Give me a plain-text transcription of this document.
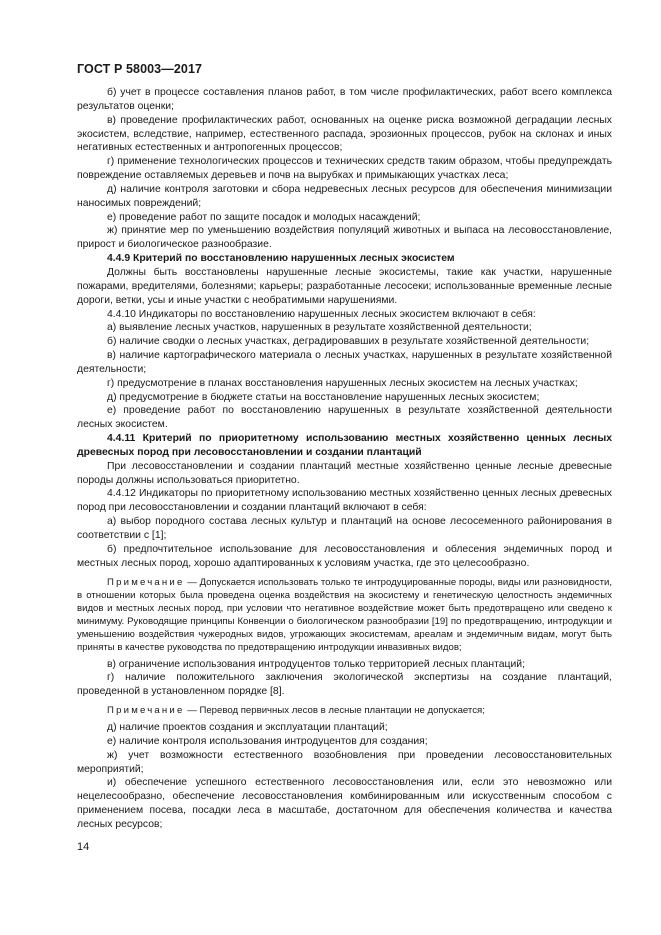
ГОСТ Р 58003—2017

б) учет в процессе составления планов работ, в том числе профилактических, работ всего комплекса результатов оценки;

в) проведение профилактических работ, основанных на оценке риска возможной деградации лесных экосистем, вследствие, например, естественного распада, эрозионных процессов, рубок на склонах и иных негативных естественных и антропогенных процессов;

г) применение технологических процессов и технических средств таким образом, чтобы предупреждать повреждение оставляемых деревьев и почв на вырубках и примыкающих участках леса;

д) наличие контроля заготовки и сбора недревесных лесных ресурсов для обеспечения минимизации наносимых повреждений;

е) проведение работ по защите посадок и молодых насаждений;

ж) принятие мер по уменьшению воздействия популяций животных и выпаса на лесовосстановление, прирост и биологическое разнообразие.

4.4.9 Критерий по восстановлению нарушенных лесных экосистем

Должны быть восстановлены нарушенные лесные экосистемы, такие как участки, нарушенные пожарами, вредителями, болезнями; карьеры; разработанные лесосеки; использованные временные лесные дороги, ветки, усы и иные участки с необратимыми нарушениями.

4.4.10 Индикаторы по восстановлению нарушенных лесных экосистем включают в себя:

а) выявление лесных участков, нарушенных в результате хозяйственной деятельности;

б) наличие сводки о лесных участках, деградировавших в результате хозяйственной деятельности;

в) наличие картографического материала о лесных участках, нарушенных в результате хозяйственной деятельности;

г) предусмотрение в планах восстановления нарушенных лесных экосистем на лесных участках;

д) предусмотрение в бюджете статьи на восстановление нарушенных лесных экосистем;

е) проведение работ по восстановлению нарушенных в результате хозяйственной деятельности лесных экосистем.

4.4.11 Критерий по приоритетному использованию местных хозяйственно ценных лесных древесных пород при лесовосстановлении и создании плантаций

При лесовосстановлении и создании плантаций местные хозяйственно ценные лесные древесные породы должны использоваться приоритетно.

4.4.12 Индикаторы по приоритетному использованию местных хозяйственно ценных лесных древесных пород при лесовосстановлении и создании плантаций включают в себя:

а) выбор породного состава лесных культур и плантаций на основе лесосеменного районирования в соответствии с [1];

б) предпочтительное использование для лесовосстановления и облесения эндемичных пород и местных лесных пород, хорошо адаптированных к условиям участка, где это целесообразно.

Примечание — Допускается использовать только те интродуцированные породы, виды или разновидности, в отношении которых была проведена оценка воздействия на экосистему и генетическую целостность эндемичных видов и местных лесных пород, при условии что негативное воздействие может быть предотвращено или сведено к минимуму. Руководящие принципы Конвенции о биологическом разнообразии [19] по предотвращению, интродукции и уменьшению воздействия чужеродных видов, угрожающих экосистемам, ареалам и эндемичным видам, могут быть приняты в качестве руководства по предотвращению интродукции инвазивных видов;

в) ограничение использования интродуцентов только территорией лесных плантаций;

г) наличие положительного заключения экологической экспертизы на создание плантаций, проведенной в установленном порядке [8].

Примечание — Перевод первичных лесов в лесные плантации не допускается;

д) наличие проектов создания и эксплуатации плантаций;

е) наличие контроля использования интродуцентов для создания;

ж) учет возможности естественного возобновления при проведении лесовосстановительных мероприятий;

и) обеспечение успешного естественного лесовосстановления или, если это невозможно или нецелесообразно, обеспечение лесовосстановления комбинированным или искусственным способом с применением посева, посадки леса в масштабе, достаточном для обеспечения количества и качества лесных ресурсов;

14
